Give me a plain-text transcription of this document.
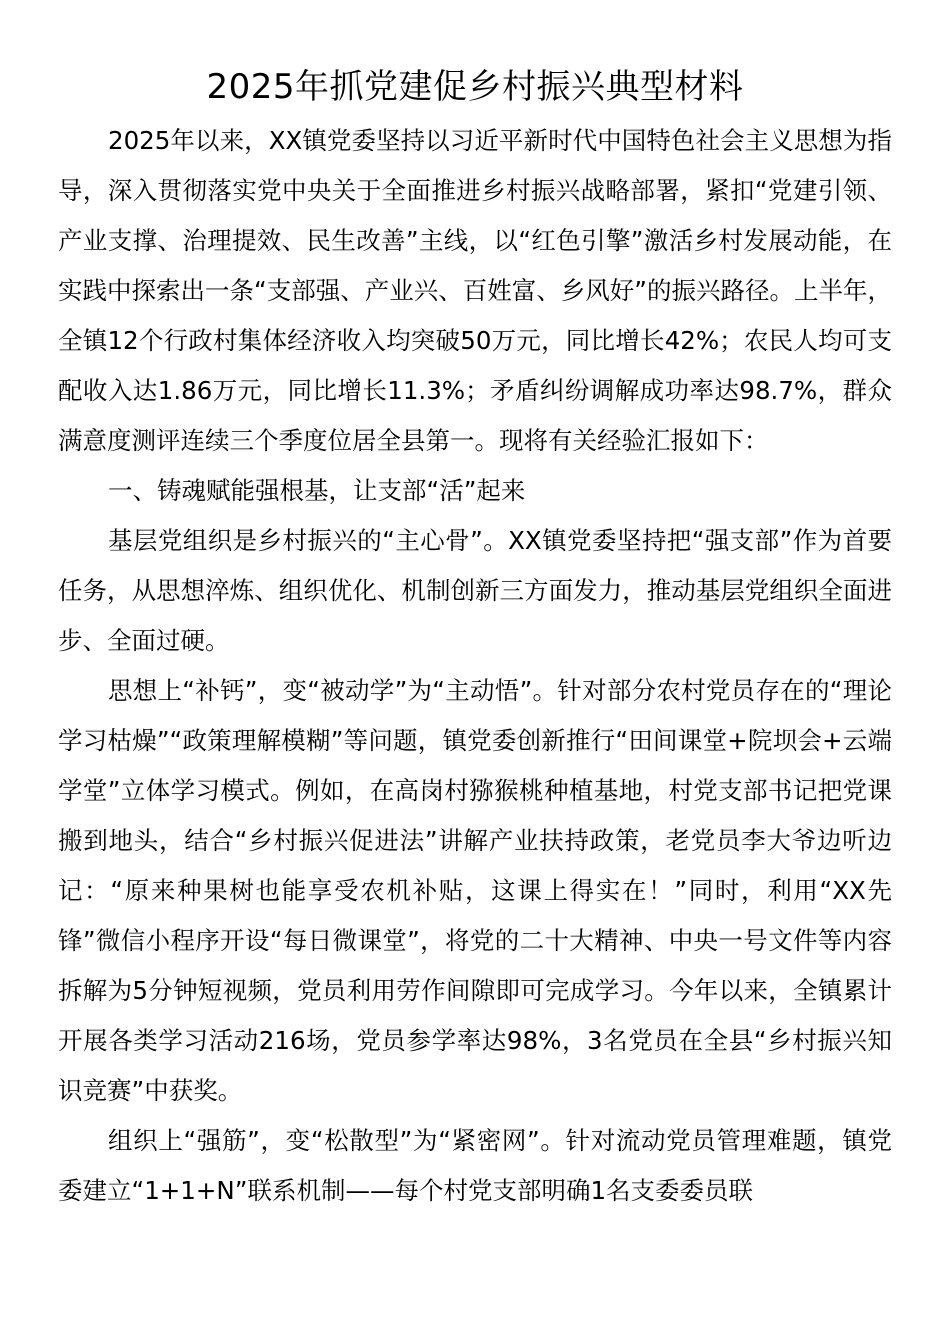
2025年抓党建促乡村振兴典型材料

2025年以来，XX镇党委坚持以习近平新时代中国特色社会主义思想为指导，深入贯彻落实党中央关于全面推进乡村振兴战略部署，紧扣“党建引领、产业支撑、治理提效、民生改善”主线，以“红色引擎”激活乡村发展动能，在实践中探索出一条“支部强、产业兴、百姓富、乡风好”的振兴路径。上半年，全镇12个行政村集体经济收入均突破50万元，同比增长42%；农民人均可支配收入达1.86万元，同比增长11.3%；矛盾纠纷调解成功率达98.7%，群众满意度测评连续三个季度位居全县第一。现将有关经验汇报如下：

一、铸魂赋能强根基，让支部“活”起来

基层党组织是乡村振兴的“主心骨”。XX镇党委坚持把“强支部”作为首要任务，从思想淬炼、组织优化、机制创新三方面发力，推动基层党组织全面进步、全面过硬。

思想上“补钙”，变“被动学”为“主动悟”。针对部分农村党员存在的“理论学习枯燥”“政策理解模糊”等问题，镇党委创新推行“田间课堂+院坝会+云端学堂”立体学习模式。例如，在高岗村猕猴桃种植基地，村党支部书记把党课搬到地头，结合“乡村振兴促进法”讲解产业扶持政策，老党员李大爷边听边记：“原来种果树也能享受农机补贴，这课上得实在！”同时，利用“XX先锋”微信小程序开设“每日微课堂”，将党的二十大精神、中央一号文件等内容拆解为5分钟短视频，党员利用劳作间隙即可完成学习。今年以来，全镇累计开展各类学习活动216场，党员参学率达98%，3名党员在全县“乡村振兴知识竞赛”中获奖。

组织上“强筋”，变“松散型”为“紧密网”。针对流动党员管理难题，镇党委建立“1+1+N”联系机制——每个村党支部明确1名支委委员联
